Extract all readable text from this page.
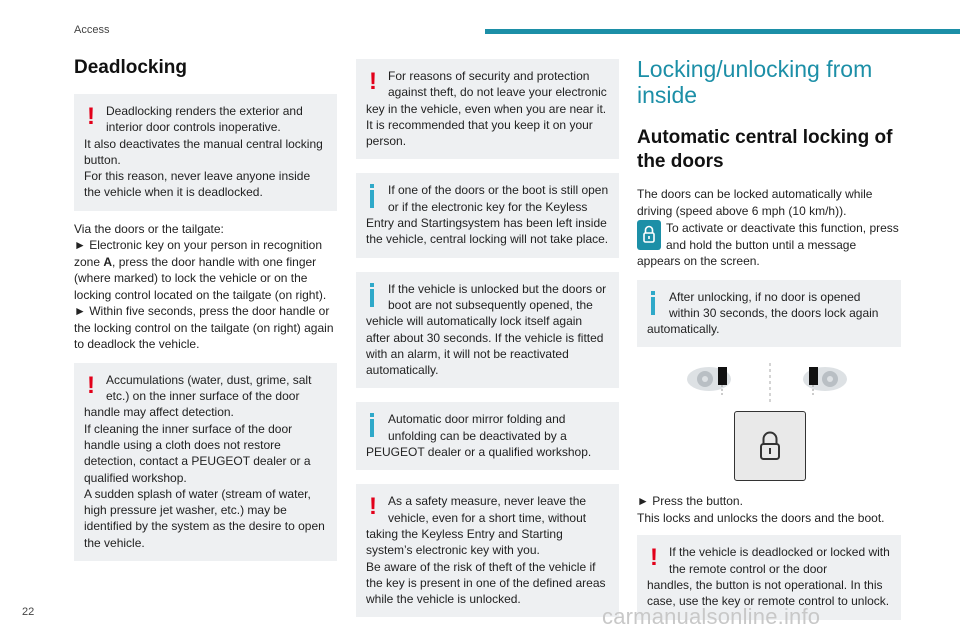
Access
Deadlocking
! Deadlocking renders the exterior and interior door controls inoperative.
It also deactivates the manual central locking button.
For this reason, never leave anyone inside the vehicle when it is deadlocked.

Via the doors or the tailgate:

► Electronic key on your person in recognition zone A, press the door handle with one finger (where marked) to lock the vehicle or on the locking control located on the tailgate (on right).

► Within five seconds, press the door handle or the locking control on the tailgate (on right) again to deadlock the vehicle.

! Accumulations (water, dust, grime, salt etc.) on the inner surface of the door
handle may affect detection.
If cleaning the inner surface of the door handle using a cloth does not restore detection, contact a PEUGEOT dealer or a qualified workshop.
A sudden splash of water (stream of water, high pressure jet washer, etc.) may be identified by the system as the desire to open the vehicle.
! For reasons of security and protection against theft, do not leave your electronic
key in the vehicle, even when you are near it. It is recommended that you keep it on your person.
If one of the doors or the boot is still open or if the electronic key for the Keyless
Entry and Startingsystem has been left inside the vehicle, central locking will not take place.
If the vehicle is unlocked but the doors or boot are not subsequently opened, the
vehicle will automatically lock itself again after about 30 seconds. If the vehicle is fitted with an alarm, it will not be reactivated automatically.
Automatic door mirror folding and unfolding can be deactivated by a
PEUGEOT dealer or a qualified workshop.
! As a safety measure, never leave the vehicle, even for a short time, without
taking the Keyless Entry and Starting system’s electronic key with you.
Be aware of the risk of theft of the vehicle if the key is present in one of the defined areas while the vehicle is unlocked.
Locking/unlocking from inside
Automatic central locking of the doors

The doors can be locked automatically while driving (speed above 6 mph (10 km/h)).

To activate or deactivate this function, press and hold the button until a message
appears on the screen.
After unlocking, if no door is opened within 30 seconds, the doors lock again
automatically.

► Press the button.

This locks and unlocks the doors and the boot.

! If the vehicle is deadlocked or locked with the remote control or the door
handles, the button is not operational. In this case, use the key or remote control to unlock.
22	carmanualsonline.info
